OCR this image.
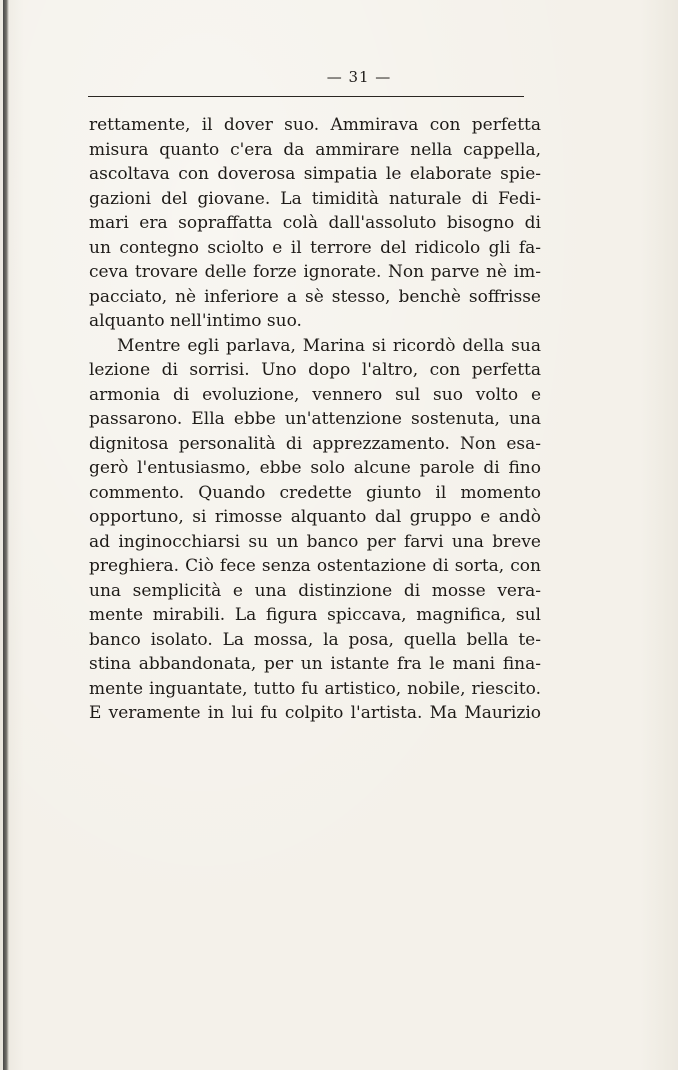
— 31 —

rettamente, il dover suo. Ammirava con perfetta

misura quanto c'era da ammirare nella cappella,

ascoltava con doverosa simpatia le elaborate spie-

gazioni del giovane. La timidità naturale di Fedi-

mari era sopraffatta colà dall'assoluto bisogno di

un contegno sciolto e il terrore del ridicolo gli fa-

ceva trovare delle forze ignorate. Non parve nè im-

pacciato, nè inferiore a sè stesso, benchè soffrisse

alquanto nell'intimo suo.

Mentre egli parlava, Marina si ricordò della sua

lezione di sorrisi. Uno dopo l'altro, con perfetta

armonia di evoluzione, vennero sul suo volto e

passarono. Ella ebbe un'attenzione sostenuta, una

dignitosa personalità di apprezzamento. Non esa-

gerò l'entusiasmo, ebbe solo alcune parole di fino

commento. Quando credette giunto il momento

opportuno, si rimosse alquanto dal gruppo e andò

ad inginocchiarsi su un banco per farvi una breve

preghiera. Ciò fece senza ostentazione di sorta, con

una semplicità e una distinzione di mosse vera-

mente mirabili. La figura spiccava, magnifica, sul

banco isolato. La mossa, la posa, quella bella te-

stina abbandonata, per un istante fra le mani fina-

mente inguantate, tutto fu artistico, nobile, riescito.

E veramente in lui fu colpito l'artista. Ma Maurizio
